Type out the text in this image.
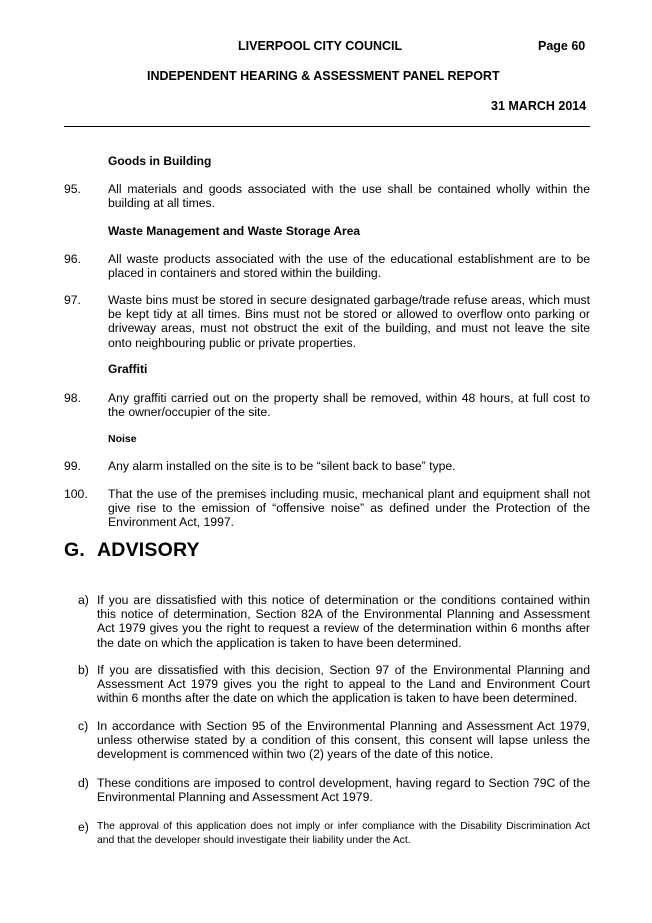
LIVERPOOL CITY COUNCIL	Page 60
INDEPENDENT HEARING & ASSESSMENT PANEL REPORT
31 MARCH 2014
Goods in Building
95. All materials and goods associated with the use shall be contained wholly within the building at all times.
Waste Management and Waste Storage Area
96. All waste products associated with the use of the educational establishment are to be placed in containers and stored within the building.
97. Waste bins must be stored in secure designated garbage/trade refuse areas, which must be kept tidy at all times. Bins must not be stored or allowed to overflow onto parking or driveway areas, must not obstruct the exit of the building, and must not leave the site onto neighbouring public or private properties.
Graffiti
98. Any graffiti carried out on the property shall be removed, within 48 hours, at full cost to the owner/occupier of the site.
Noise
99. Any alarm installed on the site is to be “silent back to base” type.
100. That the use of the premises including music, mechanical plant and equipment shall not give rise to the emission of “offensive noise” as defined under the Protection of the Environment Act, 1997.
G. ADVISORY
a) If you are dissatisfied with this notice of determination or the conditions contained within this notice of determination, Section 82A of the Environmental Planning and Assessment Act 1979 gives you the right to request a review of the determination within 6 months after the date on which the application is taken to have been determined.
b) If you are dissatisfied with this decision, Section 97 of the Environmental Planning and Assessment Act 1979 gives you the right to appeal to the Land and Environment Court within 6 months after the date on which the application is taken to have been determined.
c) In accordance with Section 95 of the Environmental Planning and Assessment Act 1979, unless otherwise stated by a condition of this consent, this consent will lapse unless the development is commenced within two (2) years of the date of this notice.
d) These conditions are imposed to control development, having regard to Section 79C of the Environmental Planning and Assessment Act 1979.
e) The approval of this application does not imply or infer compliance with the Disability Discrimination Act and that the developer should investigate their liability under the Act.
